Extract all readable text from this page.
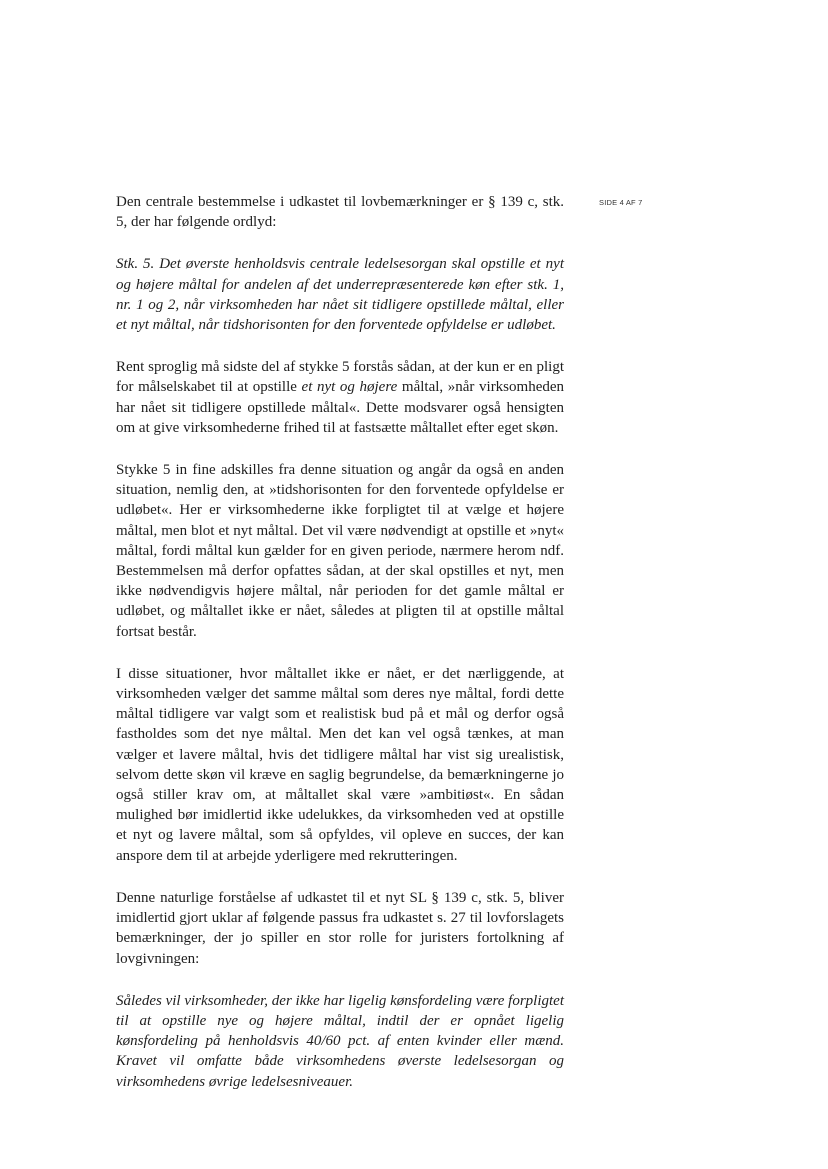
SIDE 4 AF 7

Den centrale bestemmelse i udkastet til lovbemærkninger er § 139 c, stk. 5, der har følgende ordlyd:

Stk. 5. Det øverste henholdsvis centrale ledelsesorgan skal opstille et nyt og højere måltal for andelen af det underrepræsenterede køn efter stk. 1, nr. 1 og 2, når virksomheden har nået sit tidligere opstillede måltal, eller et nyt måltal, når tidshorisonten for den forventede opfyldelse er udløbet.

Rent sproglig må sidste del af stykke 5 forstås sådan, at der kun er en pligt for målselskabet til at opstille et nyt og højere måltal, »når virksomheden har nået sit tidligere opstillede måltal«. Dette modsvarer også hensigten om at give virksomhederne frihed til at fastsætte måltallet efter eget skøn.

Stykke 5 in fine adskilles fra denne situation og angår da også en anden situation, nemlig den, at »tidshorisonten for den forventede opfyldelse er udløbet«. Her er virksomhederne ikke forpligtet til at vælge et højere måltal, men blot et nyt måltal. Det vil være nødvendigt at opstille et »nyt« måltal, fordi måltal kun gælder for en given periode, nærmere herom ndf. Bestemmelsen må derfor opfattes sådan, at der skal opstilles et nyt, men ikke nødvendigvis højere måltal, når perioden for det gamle måltal er udløbet, og måltallet ikke er nået, således at pligten til at opstille måltal fortsat består.

I disse situationer, hvor måltallet ikke er nået, er det nærliggende, at virksomheden vælger det samme måltal som deres nye måltal, fordi dette måltal tidligere var valgt som et realistisk bud på et mål og derfor også fastholdes som det nye måltal. Men det kan vel også tænkes, at man vælger et lavere måltal, hvis det tidligere måltal har vist sig urealistisk, selvom dette skøn vil kræve en saglig begrundelse, da bemærkningerne jo også stiller krav om, at måltallet skal være »ambitiøst«. En sådan mulighed bør imidlertid ikke udelukkes, da virksomheden ved at opstille et nyt og lavere måltal, som så opfyldes, vil opleve en succes, der kan anspore dem til at arbejde yderligere med rekrutteringen.

Denne naturlige forståelse af udkastet til et nyt SL § 139 c, stk. 5, bliver imidlertid gjort uklar af følgende passus fra udkastet s. 27 til lovforslagets bemærkninger, der jo spiller en stor rolle for juristers fortolkning af lovgivningen:

Således vil virksomheder, der ikke har ligelig kønsfordeling være forpligtet til at opstille nye og højere måltal, indtil der er opnået ligelig kønsfordeling på henholdsvis 40/60 pct. af enten kvinder eller mænd. Kravet vil omfatte både virksomhedens øverste ledelsesorgan og virksomhedens øvrige ledelsesniveauer.
